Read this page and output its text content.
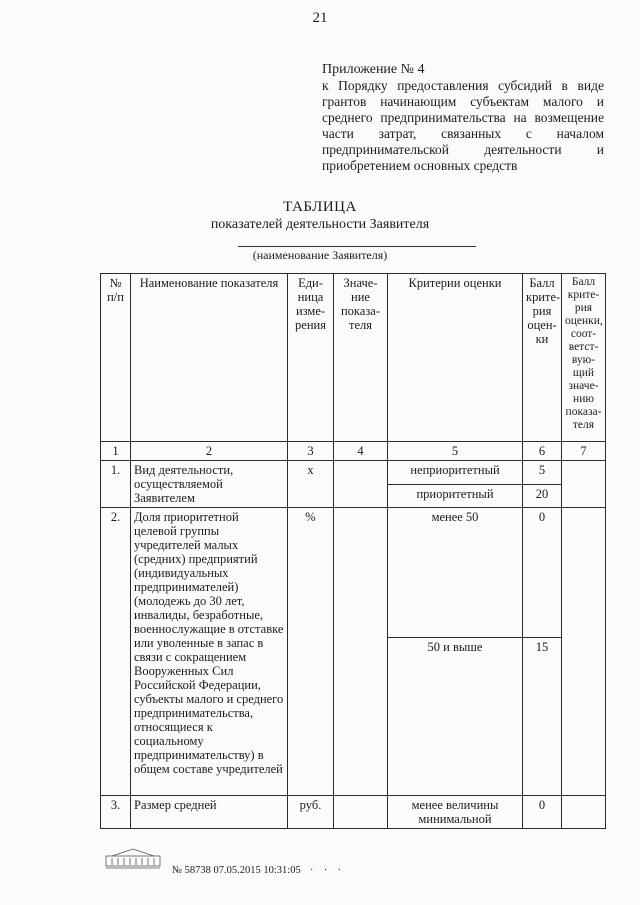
21
Приложение № 4
к Порядку предоставления субсидий в виде грантов начинающим субъектам малого и среднего предпринимательства на возмещение части затрат, связанных с началом предпринимательской деятельности и приобретением основных средств
ТАБЛИЦА
показателей деятельности Заявителя
(наименование Заявителя)
№ п/п	Наименование показателя	Еди- ница изме- рения	Значе- ние показа- теля	Критерии оценки	Балл крите- рия оцен- ки	Балл крите- рия оценки, соот- ветст- вую- щий значе- нию показа- теля
1	2	3	4	5	6	7
1.	Вид деятельности, осуществляемой Заявителем	х		неприоритетный	5	
				приоритетный	20	
2.	Доля приоритетной целевой группы учредителей малых (средних) предприятий (индивидуальных предпринимателей) (молодежь до 30 лет, инвалиды, безработные, военнослужащие в отставке или уволенные в запас в связи с сокращением Вооруженных Сил Российской Федерации, субъекты малого и среднего предпринимательства, относящиеся к социальному предпринимательству) в общем составе учредителей	%		менее 50	0	
				50 и выше	15	
3.	Размер средней	руб.		менее величины минимальной	0	
№ 58738 07.05.2015 10:31:05 · · ·
